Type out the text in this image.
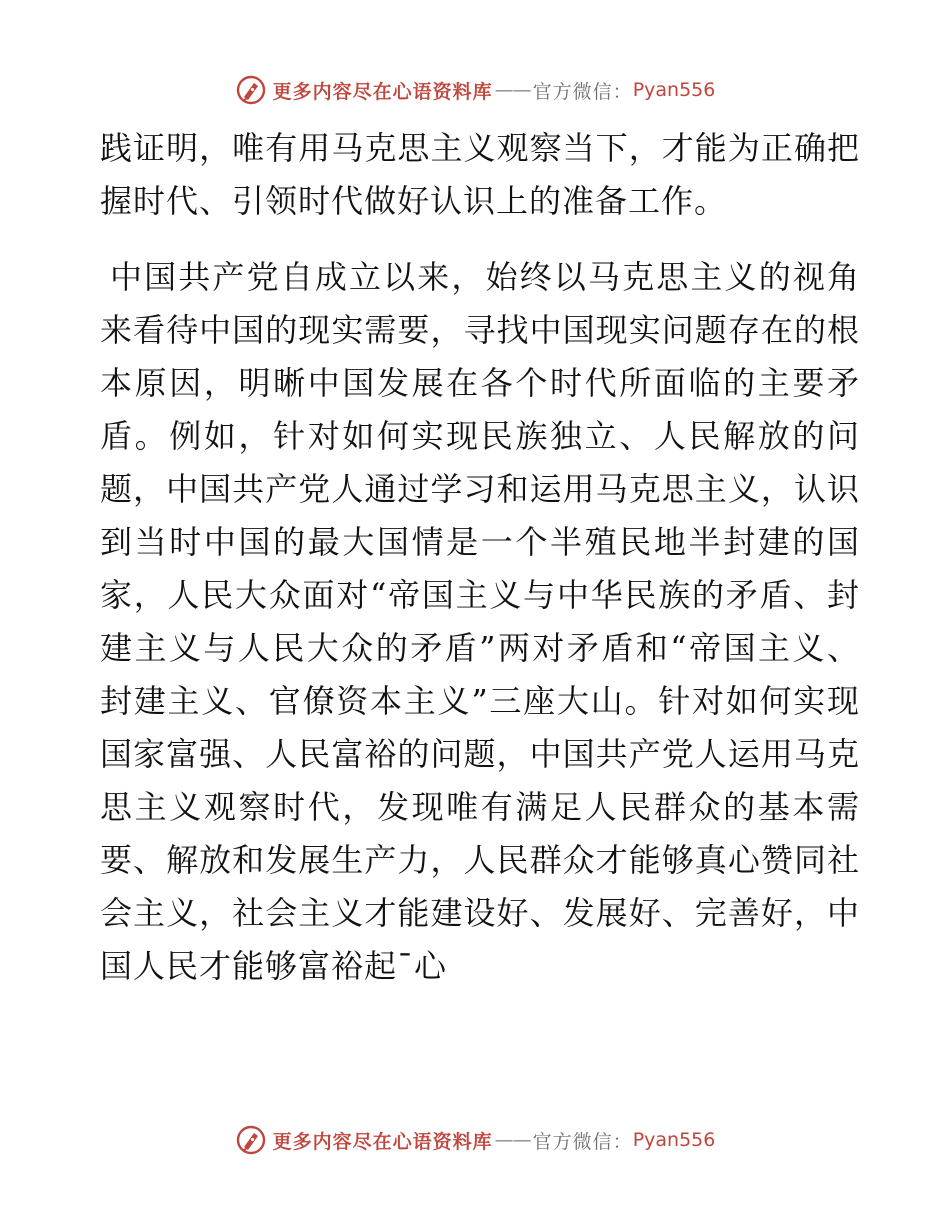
更多内容尽在心语资料库 —— 官方微信： Pyan556

践证明，唯有用马克思主义观察当下，才能为正确把握时代、引领时代做好认识上的准备工作。

中国共产党自成立以来，始终以马克思主义的视角来看待中国的现实需要，寻找中国现实问题存在的根本原因，明晰中国发展在各个时代所面临的主要矛盾。例如，针对如何实现民族独立、人民解放的问题，中国共产党人通过学习和运用马克思主义，认识到当时中国的最大国情是一个半殖民地半封建的国家，人民大众面对“帝国主义与中华民族的矛盾、封建主义与人民大众的矛盾”两对矛盾和“帝国主义、封建主义、官僚资本主义”三座大山。针对如何实现国家富强、人民富裕的问题，中国共产党人运用马克思主义观察时代，发现唯有满足人民群众的基本需要、解放和发展生产力，人民群众才能够真心赞同社会主义，社会主义才能建设好、发展好、完善好，中国人民才能够富裕起¯心

更多内容尽在心语资料库 —— 官方微信： Pyan556
